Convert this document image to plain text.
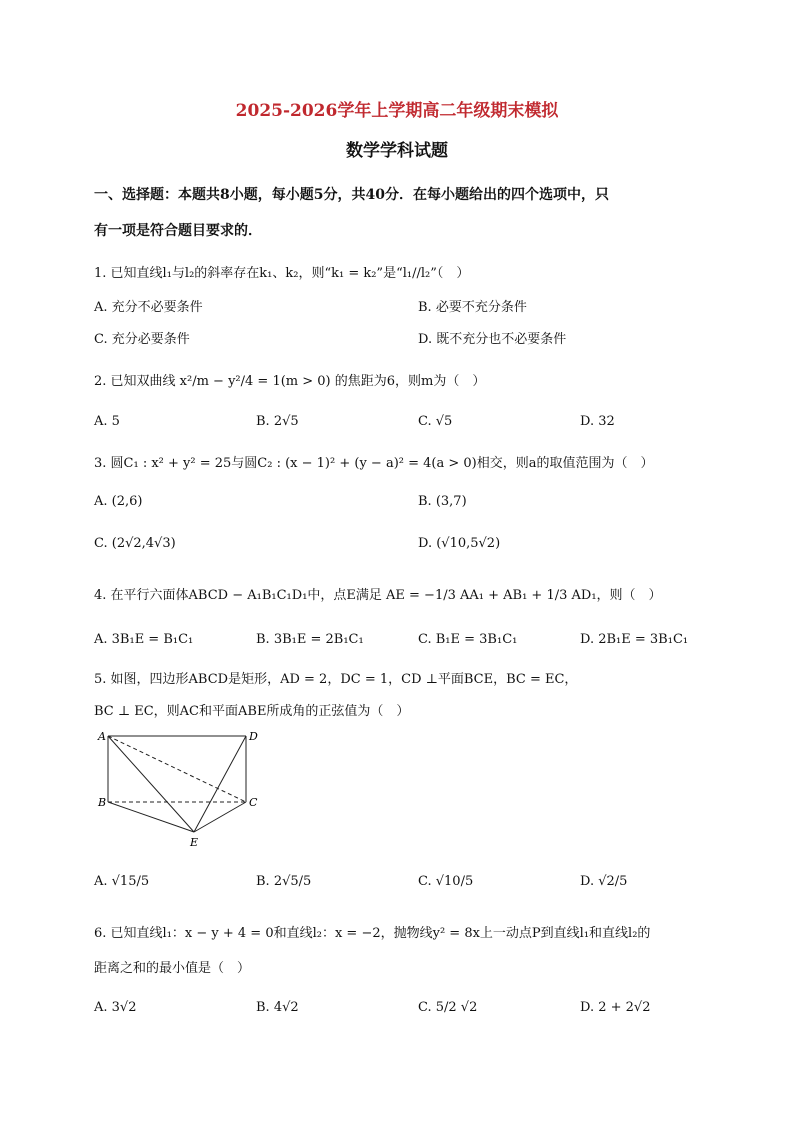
2025-2026学年上学期高二年级期末模拟
数学学科试题
一、选择题：本题共8小题，每小题5分，共40分．在每小题给出的四个选项中，只
有一项是符合题目要求的．
1. 已知直线l₁与l₂的斜率存在k₁、k₂，则“k₁ = k₂”是“l₁//l₂”（　）
A. 充分不必要条件	B. 必要不充分条件
C. 充分必要条件	D. 既不充分也不必要条件
2. 已知双曲线 x²/m − y²/4 = 1(m > 0) 的焦距为6，则m为（　）
A. 5	B. 2√5	C. √5	D. 32
3. 圆C₁ : x² + y² = 25与圆C₂ : (x − 1)² + (y − a)² = 4(a > 0)相交，则a的取值范围为（　）
A. (2,6)	B. (3,7)
C. (2√2,4√3)	D. (√10,5√2)
4. 在平行六面体ABCD − A₁B₁C₁D₁中，点E满足 AE = −1/3 AA₁ + AB₁ + 1/3 AD₁，则（　）
A. 3B₁E = B₁C₁	B. 3B₁E = 2B₁C₁	C. B₁E = 3B₁C₁	D. 2B₁E = 3B₁C₁
5. 如图，四边形ABCD是矩形，AD = 2，DC = 1，CD ⊥平面BCE，BC = EC，
BC ⊥ EC，则AC和平面ABE所成角的正弦值为（　）
A	D
B	C
E
A. √15/5	B. 2√5/5	C. √10/5	D. √2/5
6. 已知直线l₁：x − y + 4 = 0和直线l₂：x = −2，抛物线y² = 8x上一动点P到直线l₁和直线l₂的
距离之和的最小值是（　）
A. 3√2	B. 4√2	C. 5/2 √2	D. 2 + 2√2
